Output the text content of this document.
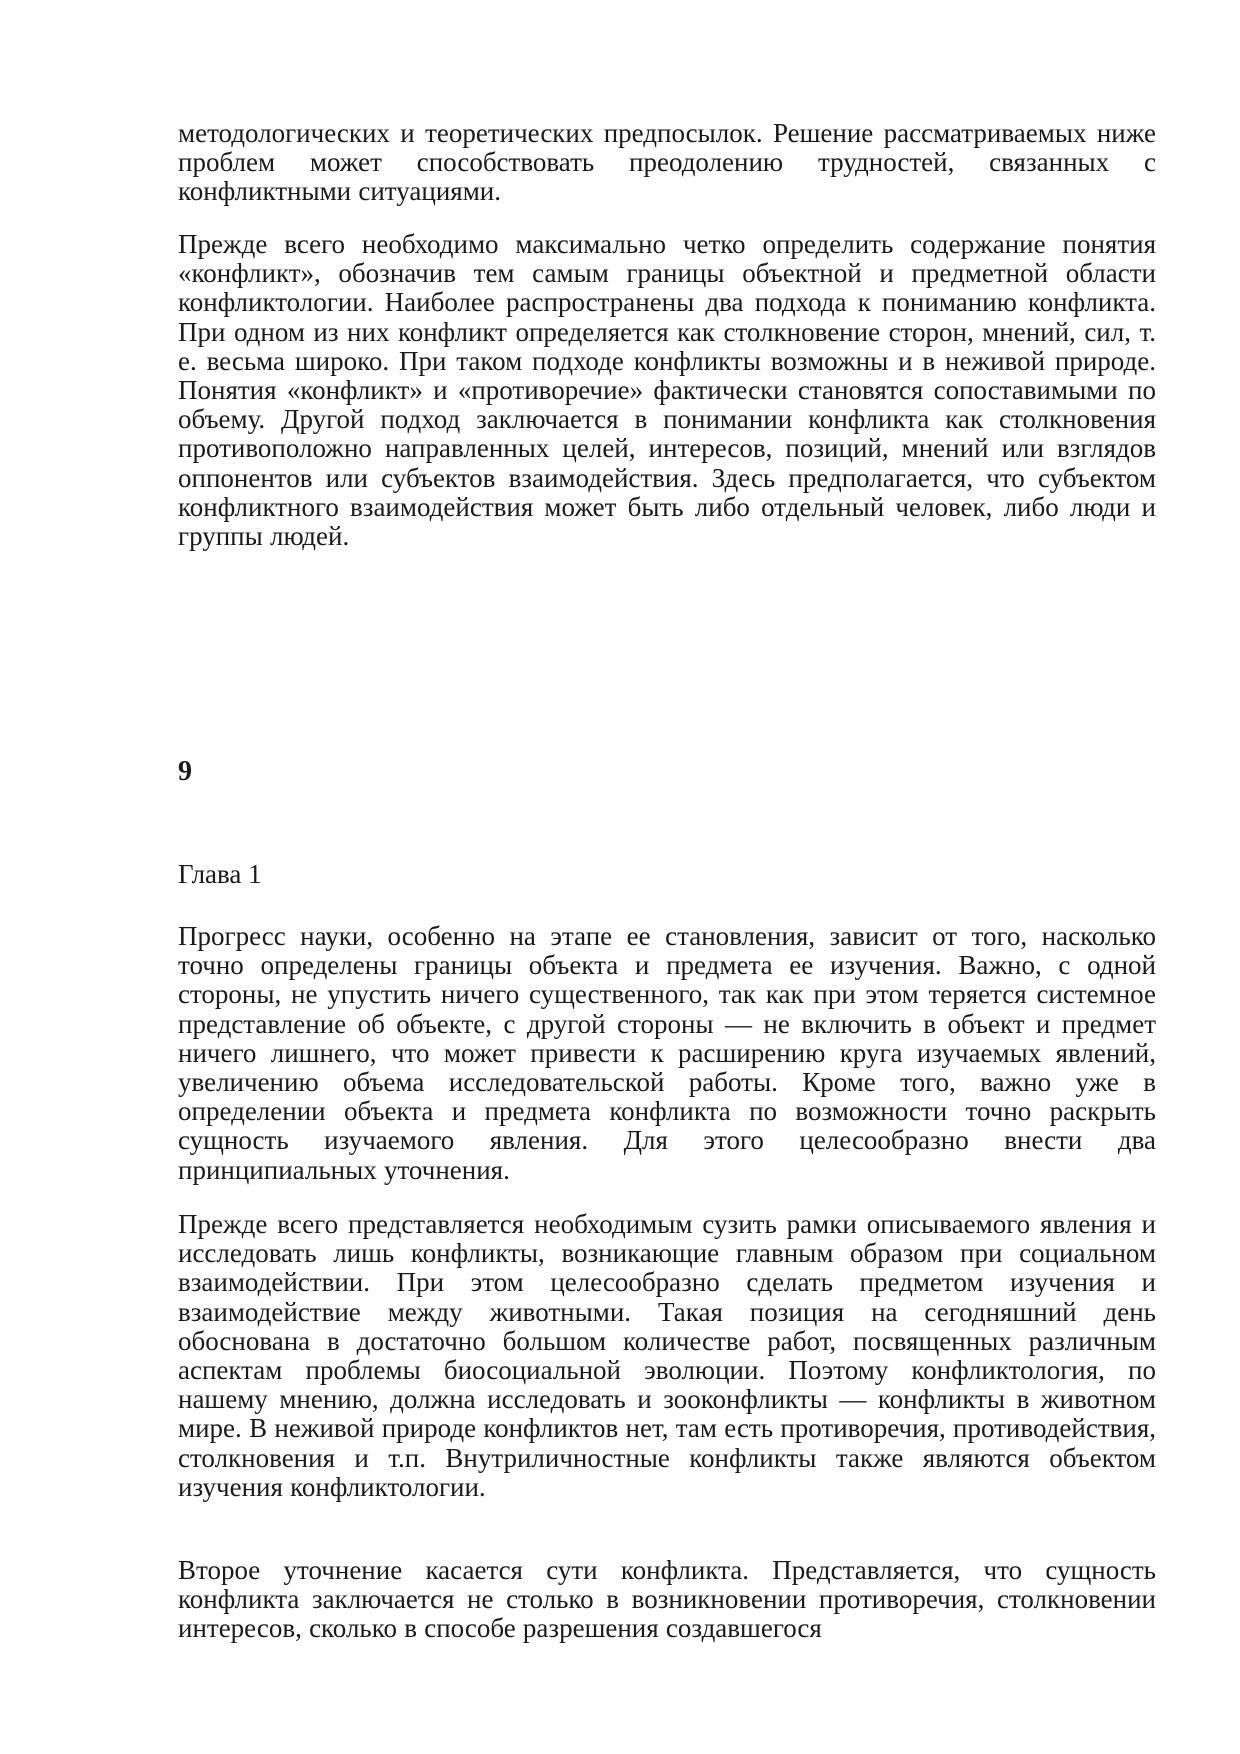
методологических и теоретических предпосылок. Решение рассматриваемых ниже проблем может способствовать преодолению трудностей, связанных с конфликтными ситуациями.

Прежде всего необходимо максимально четко определить содержание понятия «конфликт», обозначив тем самым границы объектной и предметной области конфликтологии. Наиболее распространены два подхода к пониманию конфликта. При одном из них конфликт определяется как столкновение сторон, мнений, сил, т. е. весьма широко. При таком подходе конфликты возможны и в неживой природе. Понятия «конфликт» и «противоречие» фактически становятся сопоставимыми по объему. Другой подход заключается в понимании конфликта как столкновения противоположно направленных целей, интересов, позиций, мнений или взглядов оппонентов или субъектов взаимодействия. Здесь предполагается, что субъектом конфликтного взаимодействия может быть либо отдельный человек, либо люди и группы людей.

9
Глава 1

Прогресс науки, особенно на этапе ее становления, зависит от того, насколько точно определены границы объекта и предмета ее изучения. Важно, с одной стороны, не упустить ничего существенного, так как при этом теряется системное представление об объекте, с другой стороны — не включить в объект и предмет ничего лишнего, что может привести к расширению круга изучаемых явлений, увеличению объема исследовательской работы. Кроме того, важно уже в определении объекта и предмета конфликта по возможности точно раскрыть сущность изучаемого явления. Для этого целесообразно внести два принципиальных уточнения.

Прежде всего представляется необходимым сузить рамки описываемого явления и исследовать лишь конфликты, возникающие главным образом при социальном взаимодействии. При этом целесообразно сделать предметом изучения и взаимодействие между животными. Такая позиция на сегодняшний день обоснована в достаточно большом количестве работ, посвященных различным аспектам проблемы биосоциальной эволюции. Поэтому конфликтология, по нашему мнению, должна исследовать и зооконфликты — конфликты в животном мире. В неживой природе конфликтов нет, там есть противоречия, противодействия, столкновения и т.п. Внутриличностные конфликты также являются объектом изучения конфликтологии.

Второе уточнение касается сути конфликта. Представляется, что сущность конфликта заключается не столько в возникновении противоречия, столкновении интересов, сколько в способе разрешения создавшегося
